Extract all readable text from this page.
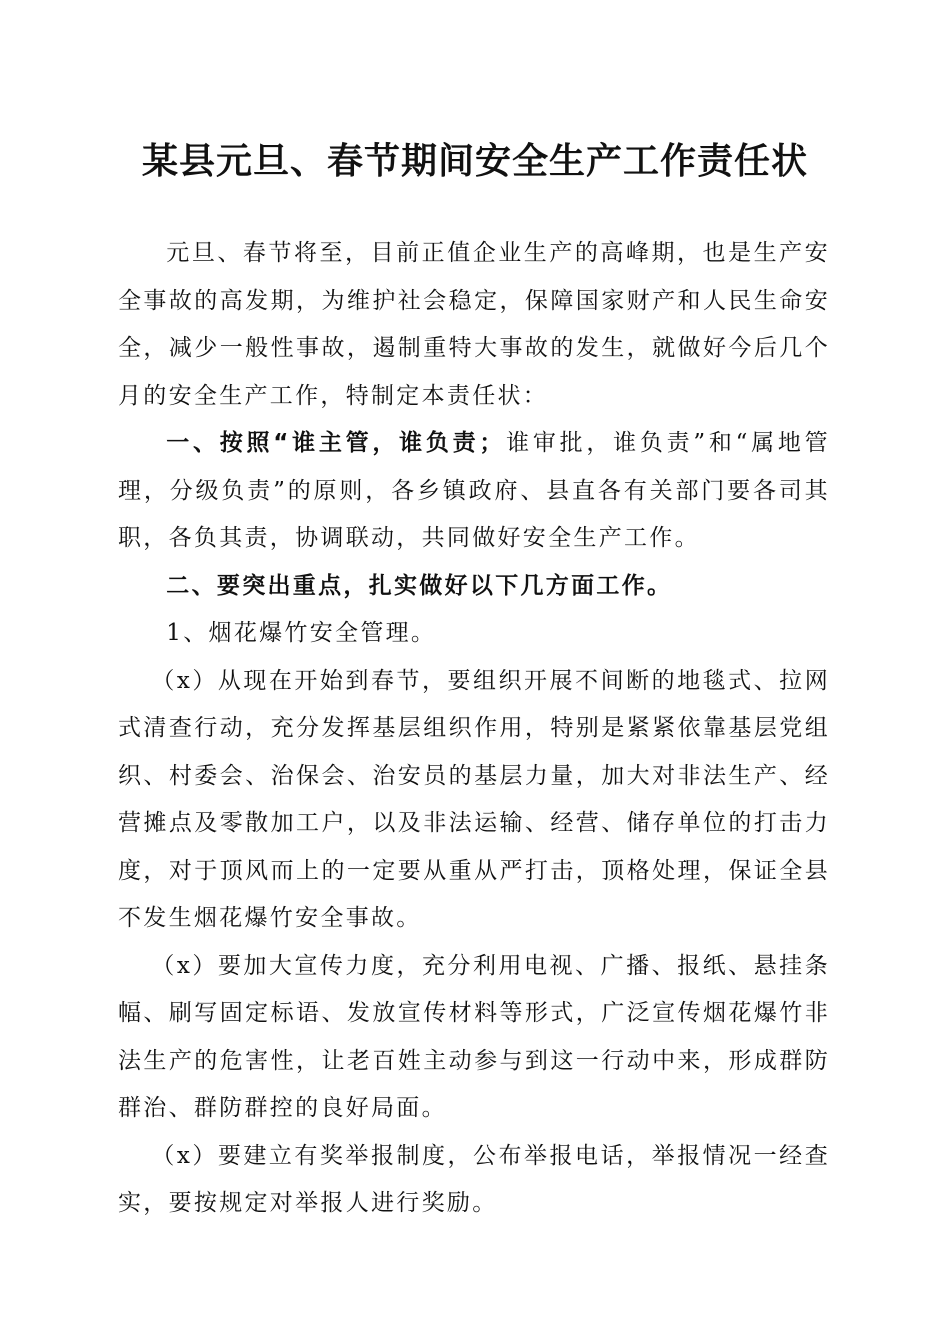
某县元旦、春节期间安全生产工作责任状

元旦、春节将至，目前正值企业生产的高峰期，也是生产安全事故的高发期，为维护社会稳定，保障国家财产和人民生命安全，减少一般性事故，遏制重特大事故的发生，就做好今后几个月的安全生产工作，特制定本责任状：

一、按照“谁主管，谁负责；谁审批，谁负责”和“属地管理，分级负责”的原则，各乡镇政府、县直各有关部门要各司其职，各负其责，协调联动，共同做好安全生产工作。

二、要突出重点，扎实做好以下几方面工作。

1、烟花爆竹安全管理。

（x）从现在开始到春节，要组织开展不间断的地毯式、拉网式清查行动，充分发挥基层组织作用，特别是紧紧依靠基层党组织、村委会、治保会、治安员的基层力量，加大对非法生产、经营摊点及零散加工户，以及非法运输、经营、储存单位的打击力度，对于顶风而上的一定要从重从严打击，顶格处理，保证全县不发生烟花爆竹安全事故。

（x）要加大宣传力度，充分利用电视、广播、报纸、悬挂条幅、刷写固定标语、发放宣传材料等形式，广泛宣传烟花爆竹非法生产的危害性，让老百姓主动参与到这一行动中来，形成群防群治、群防群控的良好局面。

（x）要建立有奖举报制度，公布举报电话，举报情况一经查实，要按规定对举报人进行奖励。
